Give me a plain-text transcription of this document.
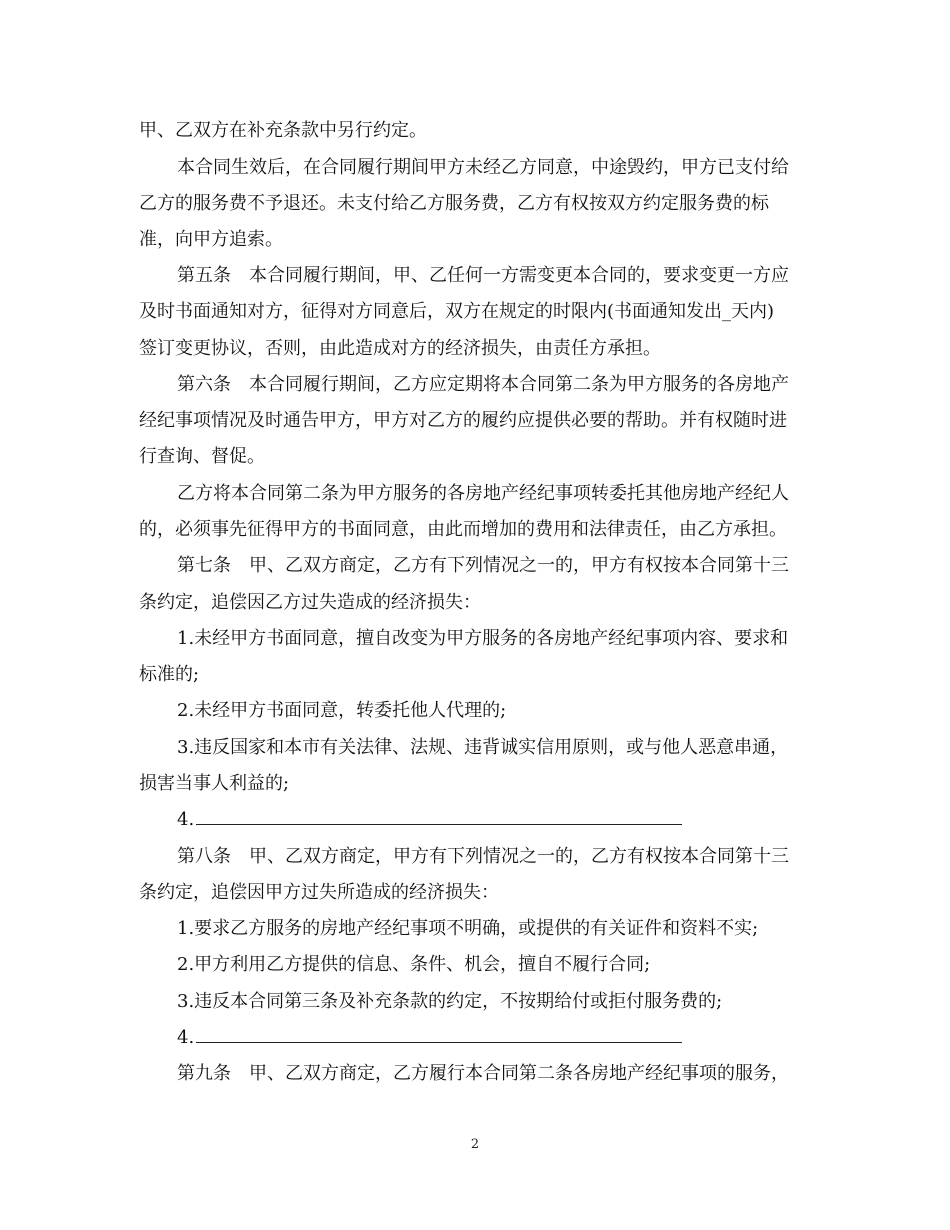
甲、乙双方在补充条款中另行约定。
本合同生效后，在合同履行期间甲方未经乙方同意，中途毁约，甲方已支付给
乙方的服务费不予退还。未支付给乙方服务费，乙方有权按双方约定服务费的标
准，向甲方追索。
第五条　本合同履行期间，甲、乙任何一方需变更本合同的，要求变更一方应
及时书面通知对方，征得对方同意后，双方在规定的时限内(书面通知发出_天内)
签订变更协议，否则，由此造成对方的经济损失，由责任方承担。
第六条　本合同履行期间，乙方应定期将本合同第二条为甲方服务的各房地产
经纪事项情况及时通告甲方，甲方对乙方的履约应提供必要的帮助。并有权随时进
行查询、督促。
乙方将本合同第二条为甲方服务的各房地产经纪事项转委托其他房地产经纪人
的，必须事先征得甲方的书面同意，由此而增加的费用和法律责任，由乙方承担。
第七条　甲、乙双方商定，乙方有下列情况之一的，甲方有权按本合同第十三
条约定，追偿因乙方过失造成的经济损失：
1.未经甲方书面同意，擅自改变为甲方服务的各房地产经纪事项内容、要求和
标准的;
2.未经甲方书面同意，转委托他人代理的;
3.违反国家和本市有关法律、法规、违背诚实信用原则，或与他人恶意串通，
损害当事人利益的;
4.
第八条　甲、乙双方商定，甲方有下列情况之一的，乙方有权按本合同第十三
条约定，追偿因甲方过失所造成的经济损失：
1.要求乙方服务的房地产经纪事项不明确，或提供的有关证件和资料不实;
2.甲方利用乙方提供的信息、条件、机会，擅自不履行合同;
3.违反本合同第三条及补充条款的约定，不按期给付或拒付服务费的;
4.
第九条　甲、乙双方商定，乙方履行本合同第二条各房地产经纪事项的服务，
2
